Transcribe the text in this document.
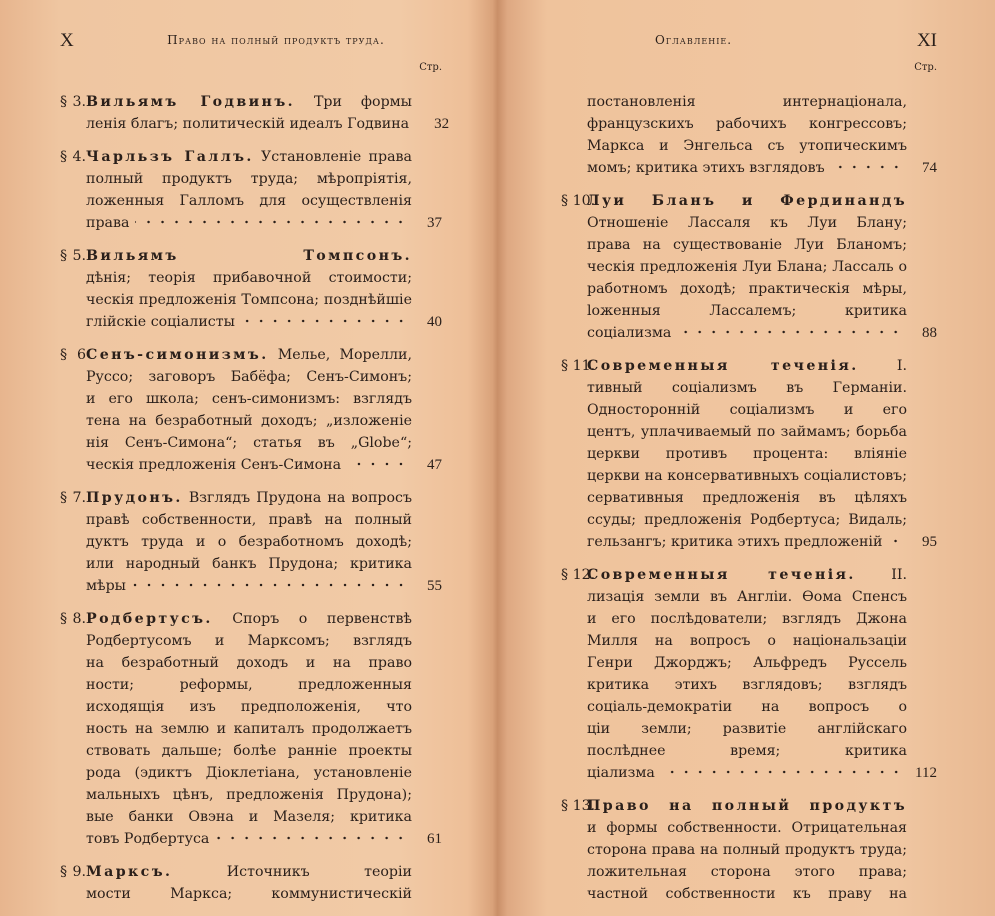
X	Право на полный продуктъ труда.
Стр.
§ 3.Вильямъ Годвинъ. Три формы
ленія благъ; политическій идеалъ Годвина	32
§ 4.Чарльзъ Галлъ. Установленіе права
полный продуктъ труда; мѣропріятія,
ложенныя Галломъ для осуществленія
права	37
§ 5.Вильямъ Томпсонъ.
дѣнія; теорія прибавочной стоимости;
ческія предложенія Томпсона; позднѣйшіе
глійскіе соціалисты	40
§ 6Сенъ-симонизмъ. Мелье, Морелли,
Руссо; заговоръ Бабёфа; Сенъ-Симонъ;
и его школа; сенъ-симонизмъ: взглядъ
тена на безработный доходъ; „изложеніе
нія Сенъ-Симона“; статья въ „Globe“;
ческія предложенія Сенъ-Симона	47
§ 7.Прудонъ. Взглядъ Прудона на вопросъ
правѣ собственности, правѣ на полный
дуктъ труда и о безработномъ доходѣ;
или народный банкъ Прудона; критика
мѣры	55
§ 8.Родбертусъ. Споръ о первенствѣ
Родбертусомъ и Марксомъ; взглядъ
на безработный доходъ и на право
ности; реформы, предложенныя
исходящія изъ предположенія, что
ность на землю и капиталъ продолжаетъ
ствовать дальше; болѣе ранніе проекты
рода (эдиктъ Діоклетіана, установленіе
мальныхъ цѣнъ, предложенія Прудона);
вые банки Овэна и Мазеля; критика
товъ Родбертуса	61
§ 9.Марксъ.	Источникъ теоріи
мости Маркса; коммунистическій
Оглавленіе.	XI
Стр.
постановленія интернаціонала,
французскихъ рабочихъ конгрессовъ;
Маркса и Энгельса съ утопическимъ
момъ; критика этихъ взглядовъ	74
§ 10.Луи Бланъ и Фердинандъ
Отношеніе Лассаля къ Луи Блану;
права на существованіе Луи Бланомъ;
ческія предложенія Луи Блана; Лассаль о
работномъ доходѣ; практическія мѣры,
loженныя Лассалемъ; критика
соціализма	88
§ 11.Современныя теченія.	I.
тивный соціализмъ въ Германіи.
Односторонній соціализмъ и его
центъ, уплачиваемый по займамъ; борьба
церкви противъ процента: вліяніе
церкви на консервативныхъ соціалистовъ;
сервативныя предложенія въ цѣляхъ
ссуды; предложенія Родбертуса; Видаль;
гельзангъ; критика этихъ предложеній	95
§ 12.Современныя теченія.	II.
лизація земли въ Англіи. Өома Спенсъ
и его послѣдователи; взглядъ Джона
Милля на вопросъ о національзаціи
Генри Джорджъ; Альфредъ Руссель
критика этихъ взглядовъ; взглядъ
соціаль-демократіи на вопросъ о
ціи земли; развитіе англійскаго
послѣднее время; критика
ціализма	112
§ 13.Право на полный продуктъ
и формы собственности. Отрицательная
сторона права на полный продуктъ труда;
ложительная сторона этого права;
частной собственности къ праву на
